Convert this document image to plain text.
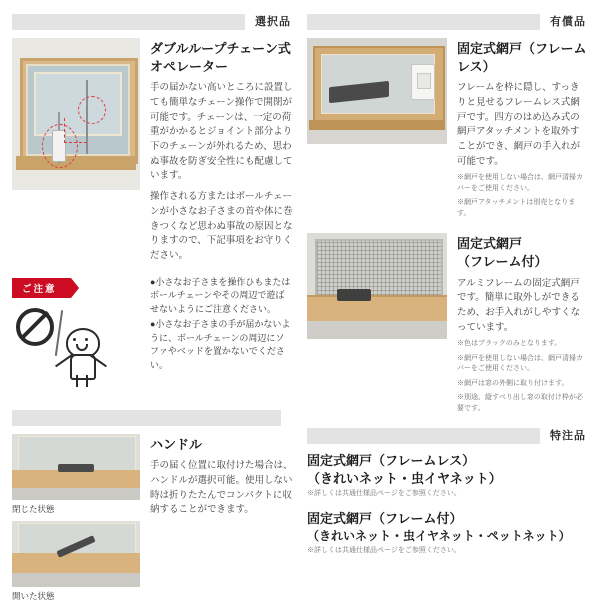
選択品
ダブルループチェーン式
オペレーター
手の届かない高いところに設置しても簡単なチェーン操作で開閉が可能です。チェーンは、一定の荷重がかかるとジョイント部分より下のチェーンが外れるため、思わぬ事故を防ぎ安全性にも配慮しています。
操作される方またはボールチェーンが小さなお子さまの首や体に巻きつくなど思わぬ事故の原因となりますので、下記事項をお守りください。
ご注意
●小さなお子さまを操作ひもまたはボールチェーンやその周辺で遊ばせないようにご注意ください。
●小さなお子さまの手が届かないように、ボールチェーンの周辺にソファやベッドを置かないでください。
閉じた状態
開いた状態
ハンドル
手の届く位置に取付けた場合は、ハンドルが選択可能。使用しない時は折りたたんでコンパクトに収納することができます。
有償品
固定式網戸（フレームレス）
フレームを枠に隠し、すっきりと見せるフレームレス式網戸です。四方のはめ込み式の網戸アタッチメントを取外すことができ、網戸の手入れが可能です。
※網戸を使用しない場合は、網戸清掃カバーをご使用ください。
※網戸アタッチメントは別売となります。
固定式網戸
（フレーム付）
アルミフレームの固定式網戸です。簡単に取外しができるため、お手入れがしやすくなっています。
※色はブラックのみとなります。
※網戸を使用しない場合は、網戸清掃カバーをご使用ください。
※網戸は窓の外側に取り付けます。
※別途、縦すべり出し窓の取付け枠が必要です。
特注品
固定式網戸（フレームレス）
（きれいネット・虫イヤネット）
※詳しくは共通仕様品ページをご参照ください。
固定式網戸（フレーム付）
（きれいネット・虫イヤネット・ペットネット）
※詳しくは共通仕様品ページをご参照ください。
